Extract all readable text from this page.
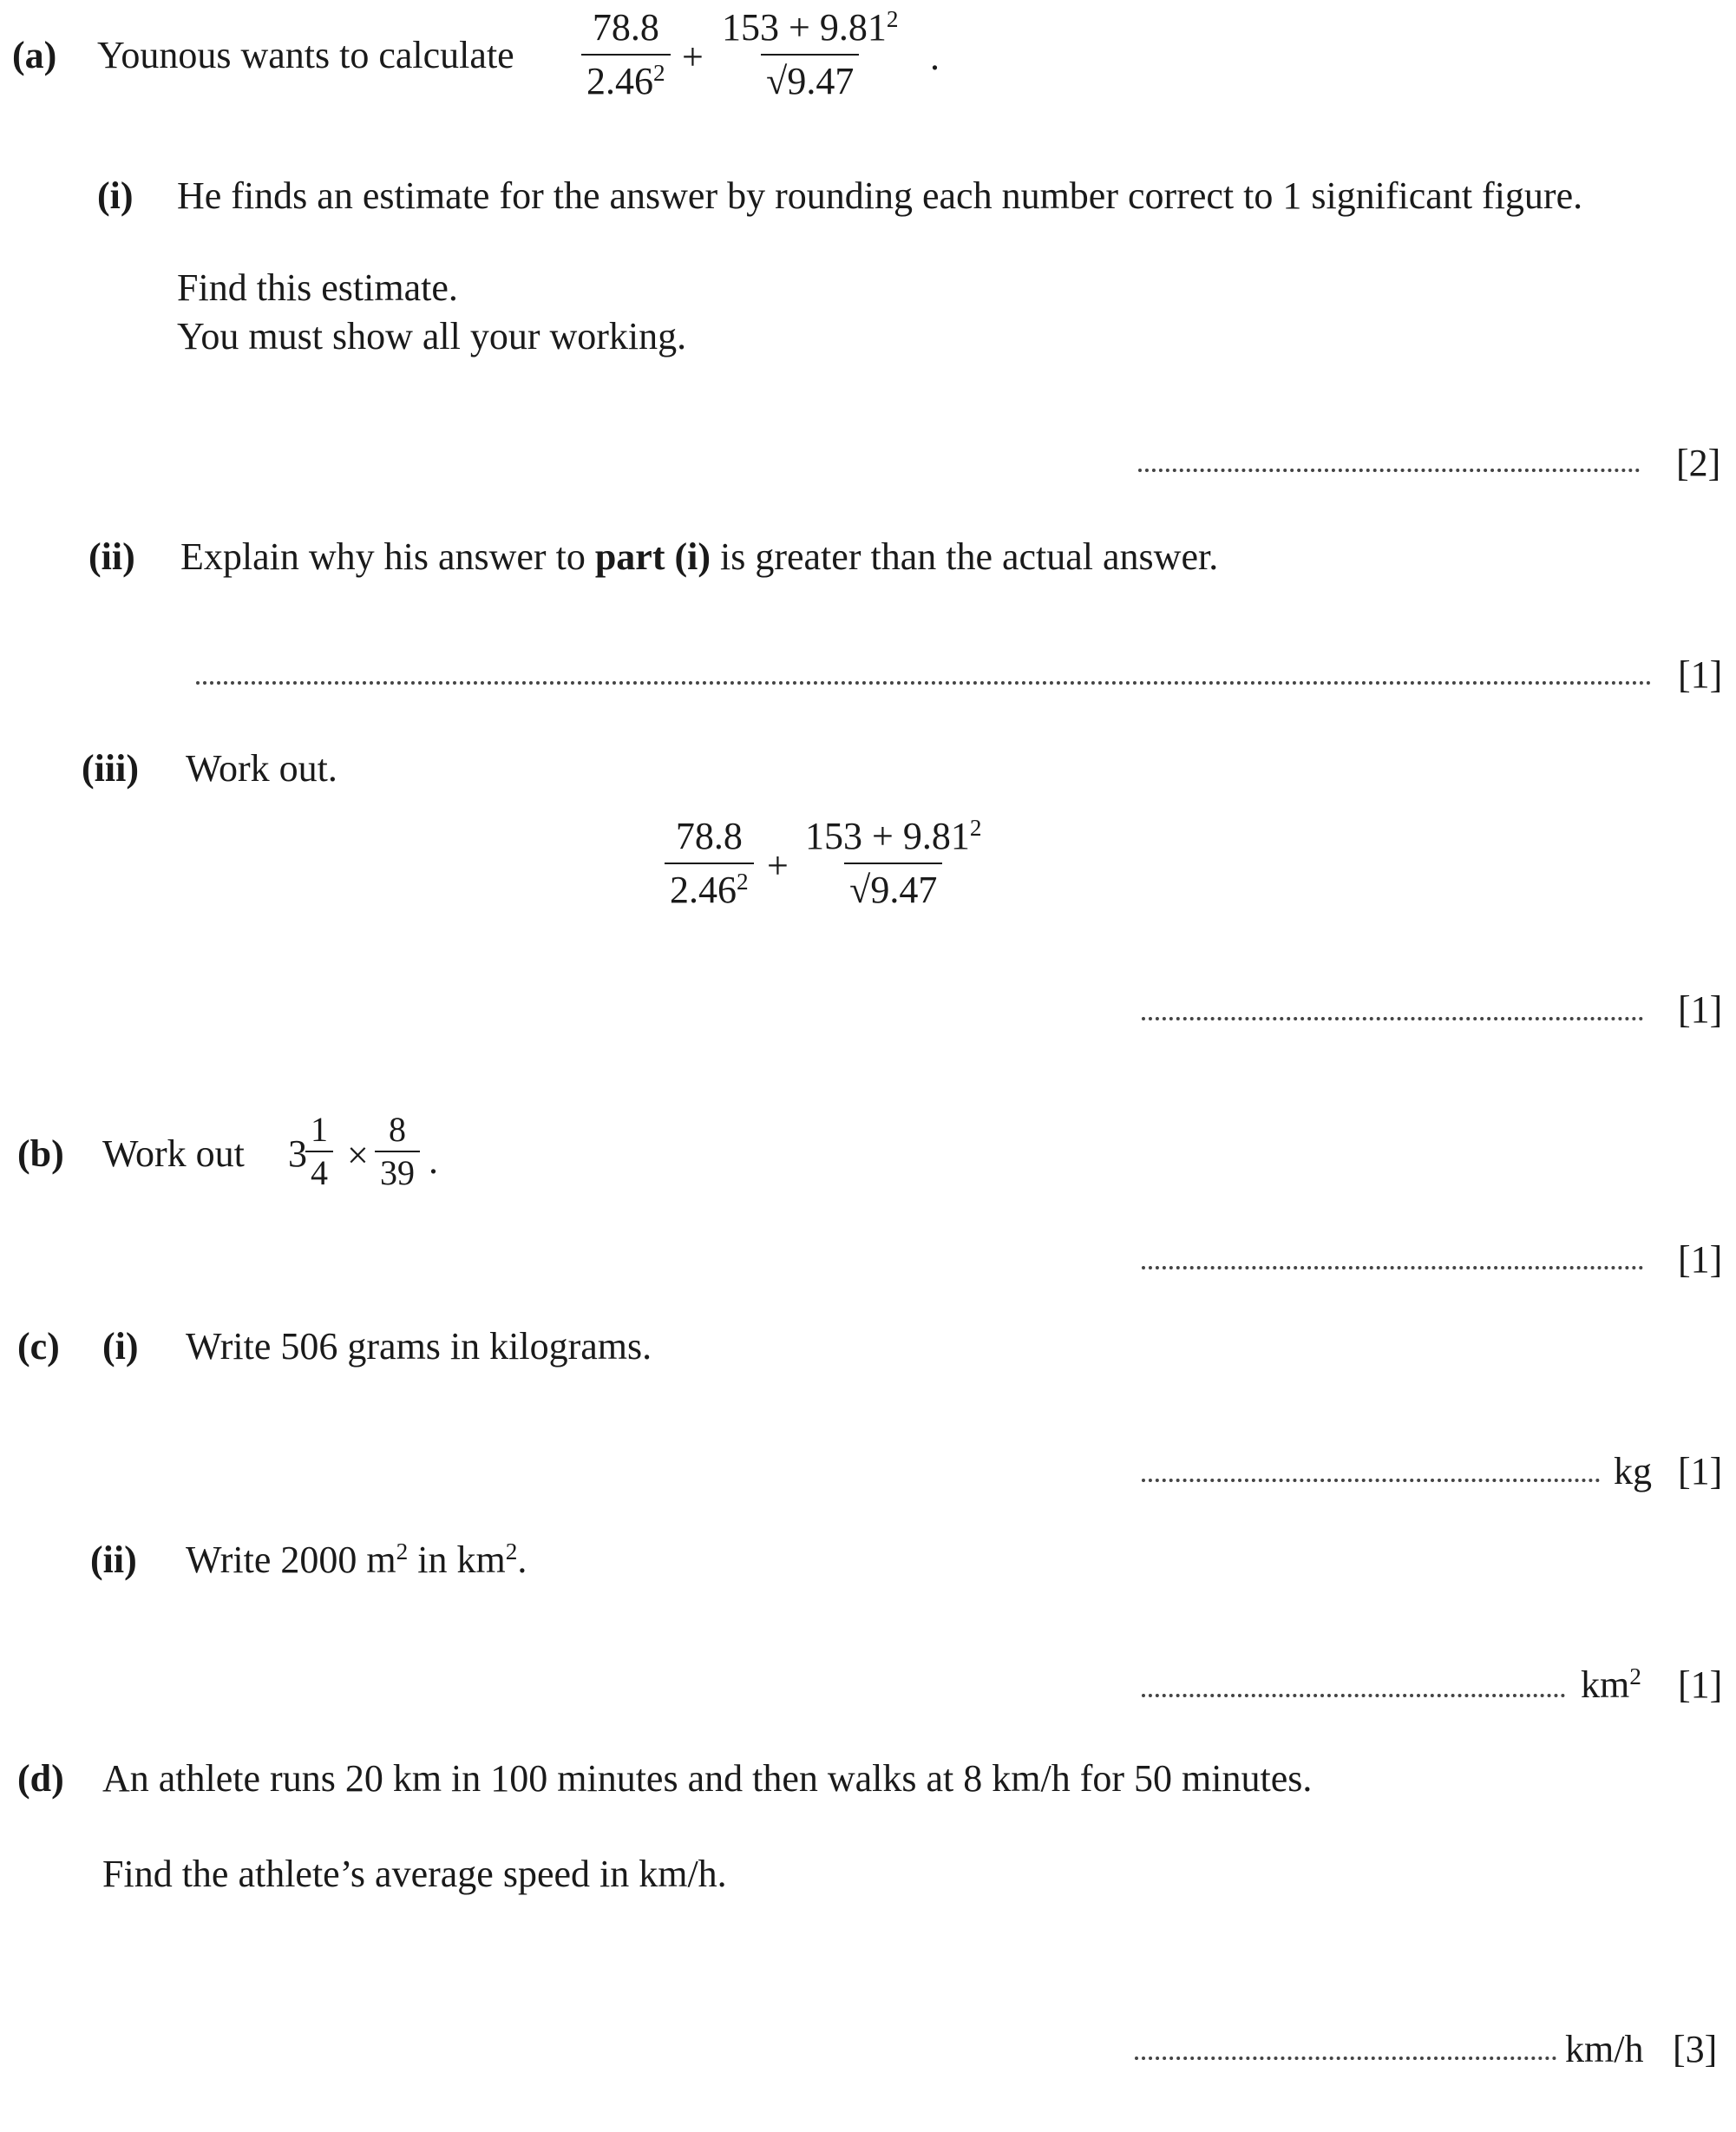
(a) Younous wants to calculate $\frac{78.8}{2.46^2} + \frac{153 + 9.81^2}{√ 9.47}$ .
(i) He finds an estimate for the answer by rounding each number correct to 1 significant figure.
Find this estimate.
You must show all your working.
[2]
(ii) Explain why his answer to part (i) is greater than the actual answer.
[1]
(iii) Work out.
$\frac{78.8}{2.46^2} + \frac{153 + 9.81^2}{√ 9.47}$
[1]
(b) Work out 3
$\frac{1}{4} \times \frac{8}{39}$ .
[1]
(c) (i) Write 506 grams in kilograms.
kg [1]
(ii) Write 2000 $m^2$ in $km^2$.
$km^2$ [1]
(d) An athlete runs 20 km in 100 minutes and then walks at 8 km/h for 50 minutes.
Find the athlete’s average speed in km/h.
km/h [3]
